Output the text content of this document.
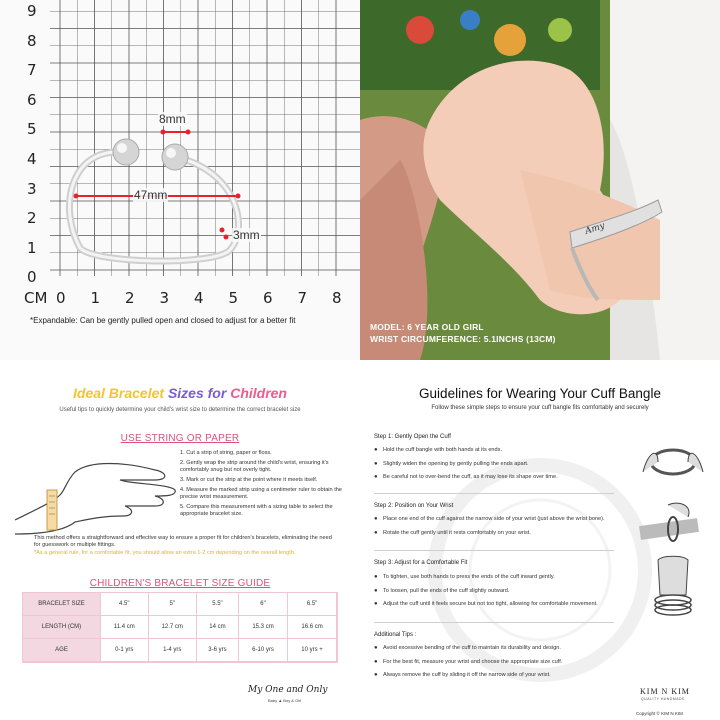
9
8
7
6
5
4
3
2
1
0
CM 0 1 2 3 4 5 6 7 8
8mm
47mm
3mm
*Expandable: Can be gently pulled open and closed to adjust for a better fit
Amy
MODEL: 6 YEAR OLD GIRL
WRIST CIRCUMFERENCE: 5.1INCHS (13CM)
Ideal Bracelet Sizes for Children
Useful tips to quickly determine your child's wrist size to determine the correct bracelet size
USE STRING OR PAPER

1. Cut a strip of string, paper or floss.

2. Gently wrap the strip around the child's wrist, ensuring it's comfortably snug but not overly tight.

3. Mark or cut the strip at the point where it meets itself.

4. Measure the marked strip using a centimeter ruler to obtain the precise wrist measurement.

5. Compare this measurement with a sizing table to select the appropriate bracelet size.

This method offers a straightforward and effective way to ensure a proper fit for children's bracelets, eliminating the need for guesswork or multiple fittings.
*As a general rule, for a comfortable fit, you should allow an extra 1-2 cm depending on the overall length.
CHILDREN'S BRACELET SIZE GUIDE
BRACELET SIZE	4.5"	5"	5.5"	6"	6.5"
LENGTH (CM)	11.4 cm	12.7 cm	14 cm	15.3 cm	16.6 cm
AGE	0-1 yrs	1-4 yrs	3-6 yrs	6-10 yrs	10 yrs +
My One and Only
Baby ▲ Boy & Girl
Guidelines for Wearing Your Cuff Bangle
Follow these simple steps to ensure your cuff bangle fits comfortably and securely
Step 1: Gently Open the Cuff
● Hold the cuff bangle with both hands at its ends.
● Slightly widen the opening by gently pulling the ends apart.
● Be careful not to over-bend the cuff, as it may lose its shape over time.
Step 2: Position on Your Wrist
● Place one end of the cuff against the narrow side of your wrist (just above the wrist bone).
● Rotate the cuff gently until it rests comfortably on your wrist.
Step 3: Adjust for a Comfortable Fit
● To tighten, use both hands to press the ends of the cuff inward gently.
● To loosen, pull the ends of the cuff slightly outward.
● Adjust the cuff until it feels secure but not too tight, allowing for comfortable movement.
Additional Tips :
● Avoid excessive bending of the cuff to maintain its durability and design.
● For the best fit, measure your wrist and choose the appropriate size cuff.
● Always remove the cuff by sliding it off the narrow side of your wrist.
KIM N KIM
QUALITY HANDMADE
Copyright © KIM N KIM
